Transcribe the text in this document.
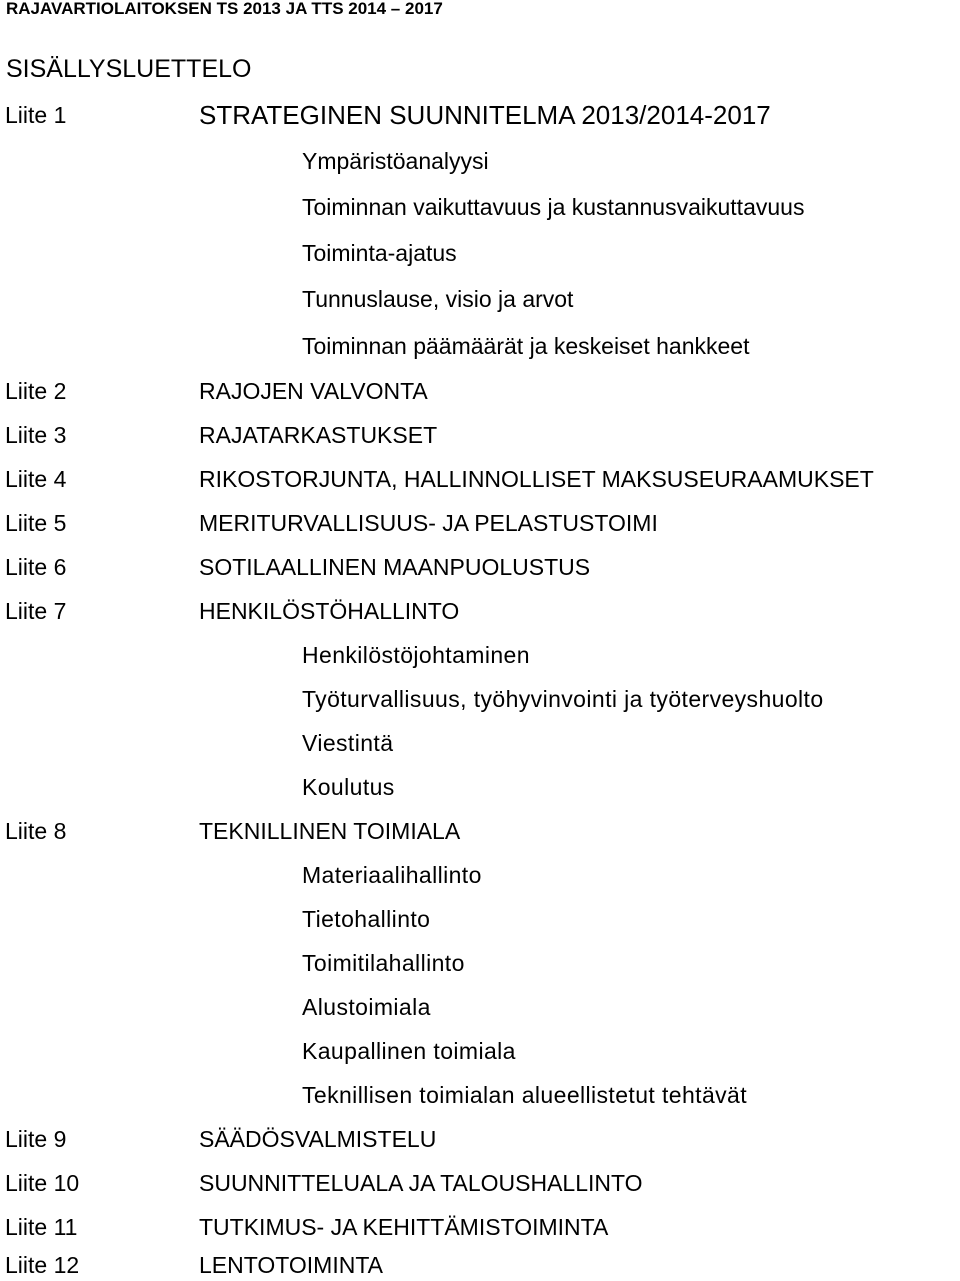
RAJAVARTIOLAITOKSEN TS 2013 JA TTS 2014 – 2017
SISÄLLYSLUETTELO
Liite 1	STRATEGINEN SUUNNITELMA 2013/2014-2017
Ympäristöanalyysi
Toiminnan vaikuttavuus ja kustannusvaikuttavuus
Toiminta-ajatus
Tunnuslause, visio ja arvot
Toiminnan päämäärät ja keskeiset hankkeet
Liite 2	RAJOJEN VALVONTA
Liite 3	RAJATARKASTUKSET
Liite 4	RIKOSTORJUNTA, HALLINNOLLISET MAKSUSEURAAMUKSET
Liite 5	MERITURVALLISUUS- JA PELASTUSTOIMI
Liite 6	SOTILAALLINEN MAANPUOLUSTUS
Liite 7	HENKILÖSTÖHALLINTO
Henkilöstöjohtaminen
Työturvallisuus, työhyvinvointi ja työterveyshuolto
Viestintä
Koulutus
Liite 8	TEKNILLINEN TOIMIALA
Materiaalihallinto
Tietohallinto
Toimitilahallinto
Alustoimiala
Kaupallinen toimiala
Teknillisen toimialan alueellistetut tehtävät
Liite 9	SÄÄDÖSVALMISTELU
Liite 10	SUUNNITTELUALA JA TALOUSHALLINTO
Liite 11	TUTKIMUS- JA KEHITTÄMISTOIMINTA
Liite 12	LENTOTOIMINTA
